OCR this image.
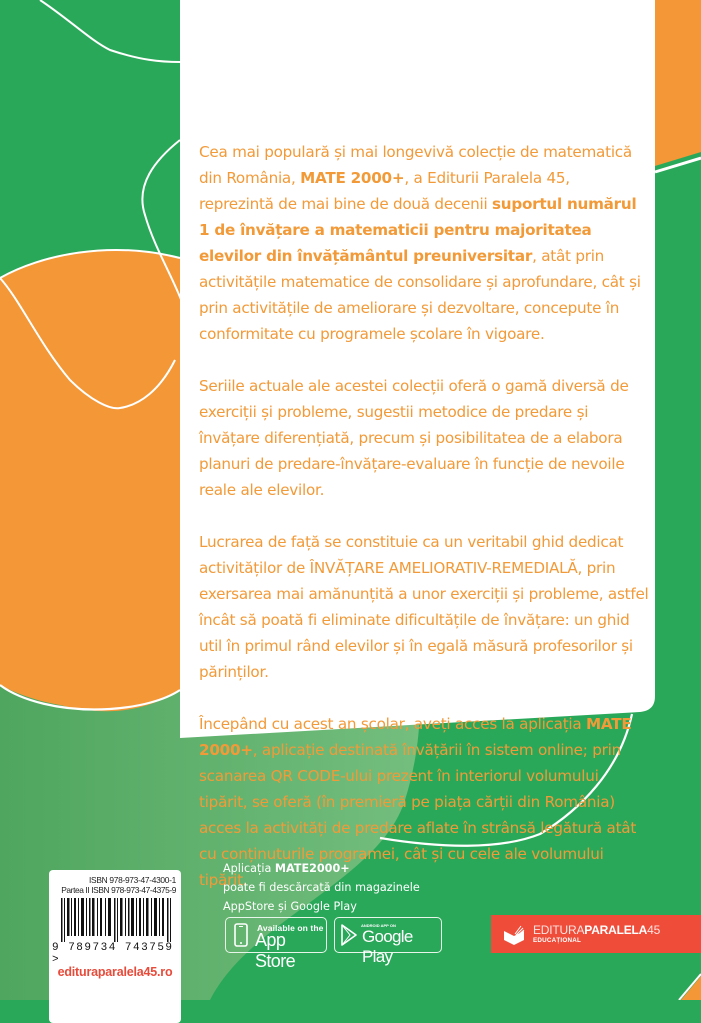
Cea mai populară și mai longevivă colecție de matematică din România, MATE 2000+, a Editurii Paralela 45, reprezintă de mai bine de două decenii suportul numărul 1 de învățare a matematicii pentru majoritatea elevilor din învățământul preuniversitar, atât prin activitățile matematice de consolidare și aprofundare, cât și prin activitățile de ameliorare și dezvoltare, concepute în conformitate cu programele școlare în vigoare.

Seriile actuale ale acestei colecții oferă o gamă diversă de exerciții și probleme, sugestii metodice de predare și învățare diferențiată, precum și posibilitatea de a elabora planuri de predare-învățare-evaluare în funcție de nevoile reale ale elevilor.

Lucrarea de față se constituie ca un veritabil ghid dedicat activităților de ÎNVĂȚARE AMELIORATIV-REMEDIALĂ, prin exersarea mai amănunțită a unor exerciții și probleme, astfel încât să poată fi eliminate dificultățile de învățare: un ghid util în primul rând elevilor și în egală măsură profesorilor și părinților.

Începând cu acest an școlar, aveți acces la aplicația MATE 2000+, aplicație destinată învățării în sistem online; prin scanarea QR CODE-ului prezent în interiorul volumului tipărit, se oferă (în premieră pe piața cărții din România) acces la activități de predare aflate în strânsă legătură atât cu conținuturile programei, cât și cu cele ale volumului tipărit.

ISBN 978-973-47-4300-1
Partea II ISBN 978-973-47-4375-9
9 789734 743759 >
edituraparalela45.ro
Aplicația MATE2000+
poate fi descărcată din magazinele
AppStore și Google Play
Available on the
App Store
ANDROID APP ON
Google Play
EDITURAPARALELA45
EDUCAȚIONAL
